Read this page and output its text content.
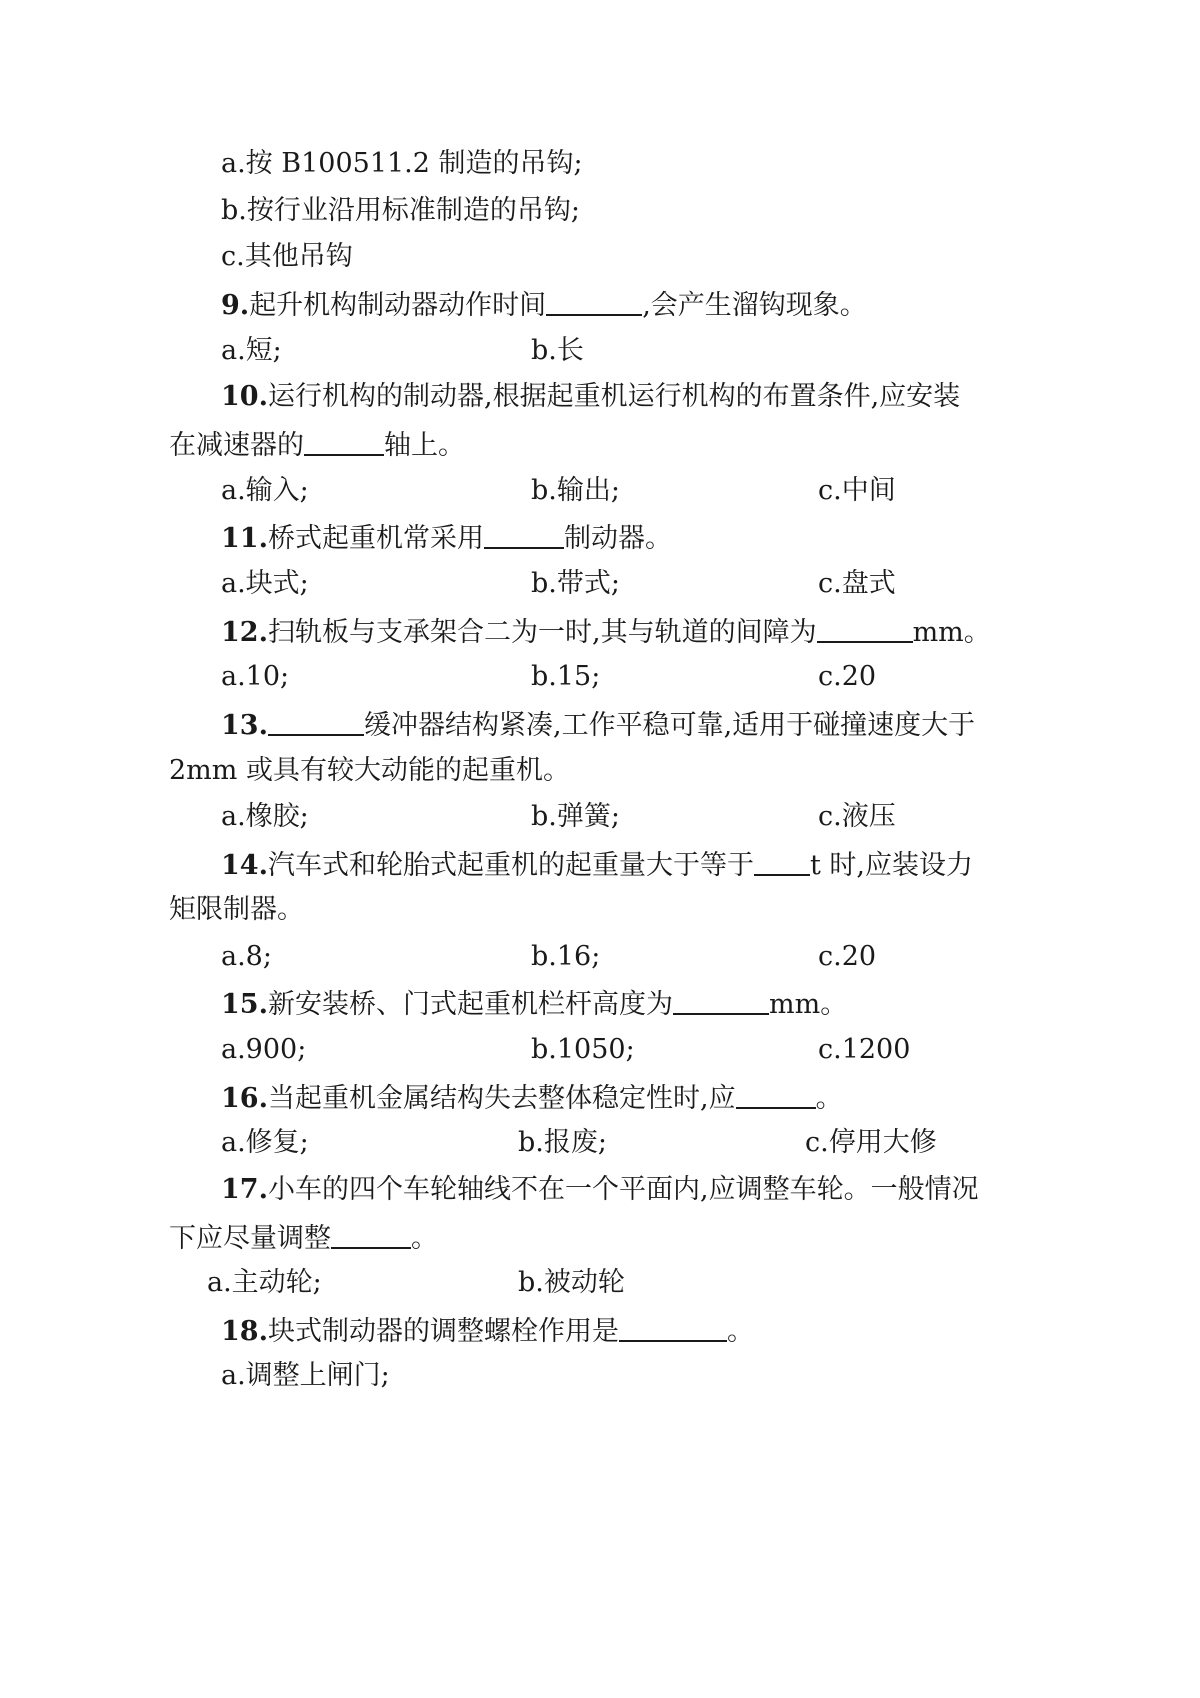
a.按 B100511.2 制造的吊钩;
b.按行业沿用标准制造的吊钩;
c.其他吊钩
9.起升机构制动器动作时间	,会产生溜钩现象。
a.短;	b.长
10.运行机构的制动器,根据起重机运行机构的布置条件,应安装
在减速器的	轴上。
a.输入;	b.输出;	c.中间
11.桥式起重机常采用	制动器。
a.块式;	b.带式;	c.盘式
12.扫轨板与支承架合二为一时,其与轨道的间障为	mm。
a.10;	b.15;	c.20
13.	缓冲器结构紧凑,工作平稳可靠,适用于碰撞速度大于
2mm 或具有较大动能的起重机。
a.橡胶;	b.弹簧;	c.液压
14.汽车式和轮胎式起重机的起重量大于等于 t 时,应装设力
矩限制器。
a.8;	b.16;	c.20
15.新安装桥、门式起重机栏杆高度为	mm。
a.900;	b.1050;	c.1200
16.当起重机金属结构失去整体稳定性时,应	。
a.修复;	b.报废;	c.停用大修
17.小车的四个车轮轴线不在一个平面内,应调整车轮。一般情况
下应尽量调整	。
a.主动轮;	b.被动轮
18.块式制动器的调整螺栓作用是	。
a.调整上闸门;
